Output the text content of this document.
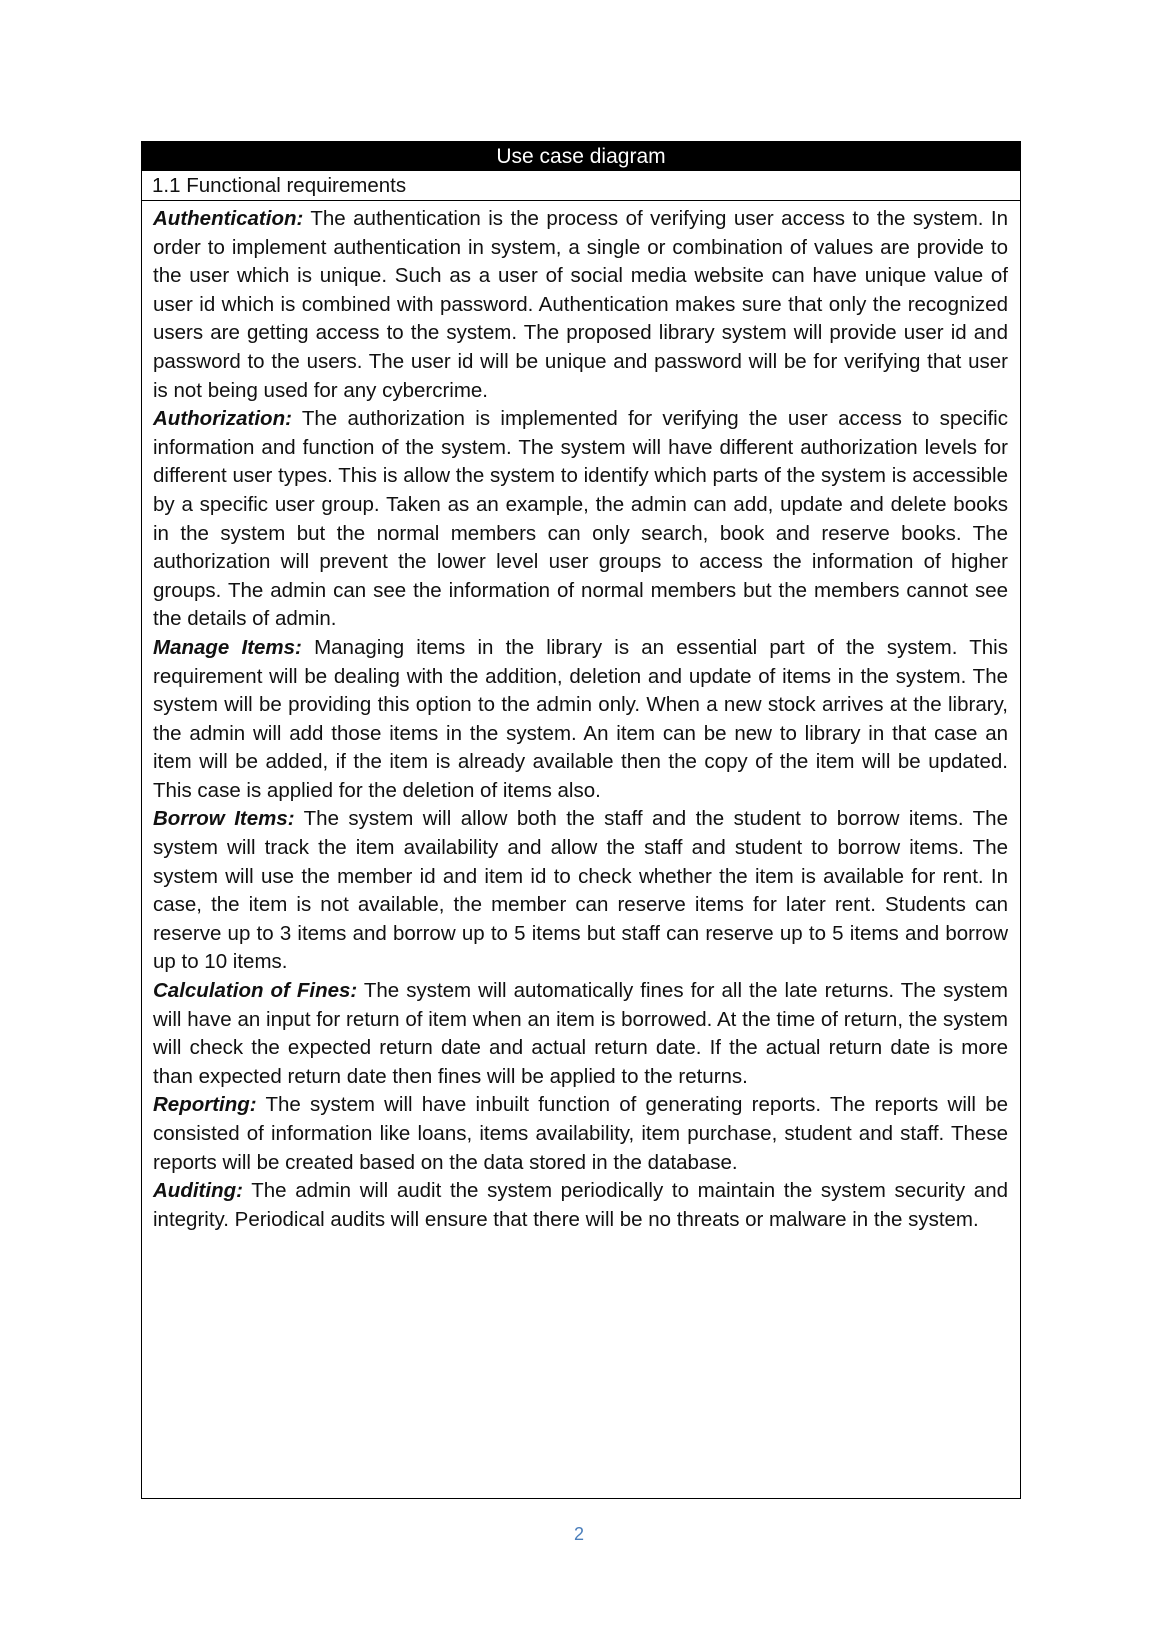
Use case diagram
1.1 Functional requirements

Authentication: The authentication is the process of verifying user access to the system. In order to implement authentication in system, a single or combination of values are provide to the user which is unique. Such as a user of social media website can have unique value of user id which is combined with password. Authentication makes sure that only the recognized users are getting access to the system. The proposed library system will provide user id and password to the users. The user id will be unique and password will be for verifying that user is not being used for any cybercrime.

Authorization: The authorization is implemented for verifying the user access to specific information and function of the system. The system will have different authorization levels for different user types. This is allow the system to identify which parts of the system is accessible by a specific user group. Taken as an example, the admin can add, update and delete books in the system but the normal members can only search, book and reserve books. The authorization will prevent the lower level user groups to access the information of higher groups. The admin can see the information of normal members but the members cannot see the details of admin.

Manage Items: Managing items in the library is an essential part of the system. This requirement will be dealing with the addition, deletion and update of items in the system. The system will be providing this option to the admin only. When a new stock arrives at the library, the admin will add those items in the system. An item can be new to library in that case an item will be added, if the item is already available then the copy of the item will be updated. This case is applied for the deletion of items also.

Borrow Items: The system will allow both the staff and the student to borrow items. The system will track the item availability and allow the staff and student to borrow items. The system will use the member id and item id to check whether the item is available for rent. In case, the item is not available, the member can reserve items for later rent. Students can reserve up to 3 items and borrow up to 5 items but staff can reserve up to 5 items and borrow up to 10 items.

Calculation of Fines: The system will automatically fines for all the late returns. The system will have an input for return of item when an item is borrowed. At the time of return, the system will check the expected return date and actual return date. If the actual return date is more than expected return date then fines will be applied to the returns.

Reporting: The system will have inbuilt function of generating reports. The reports will be consisted of information like loans, items availability, item purchase, student and staff. These reports will be created based on the data stored in the database.

Auditing: The admin will audit the system periodically to maintain the system security and integrity. Periodical audits will ensure that there will be no threats or malware in the system.

2
